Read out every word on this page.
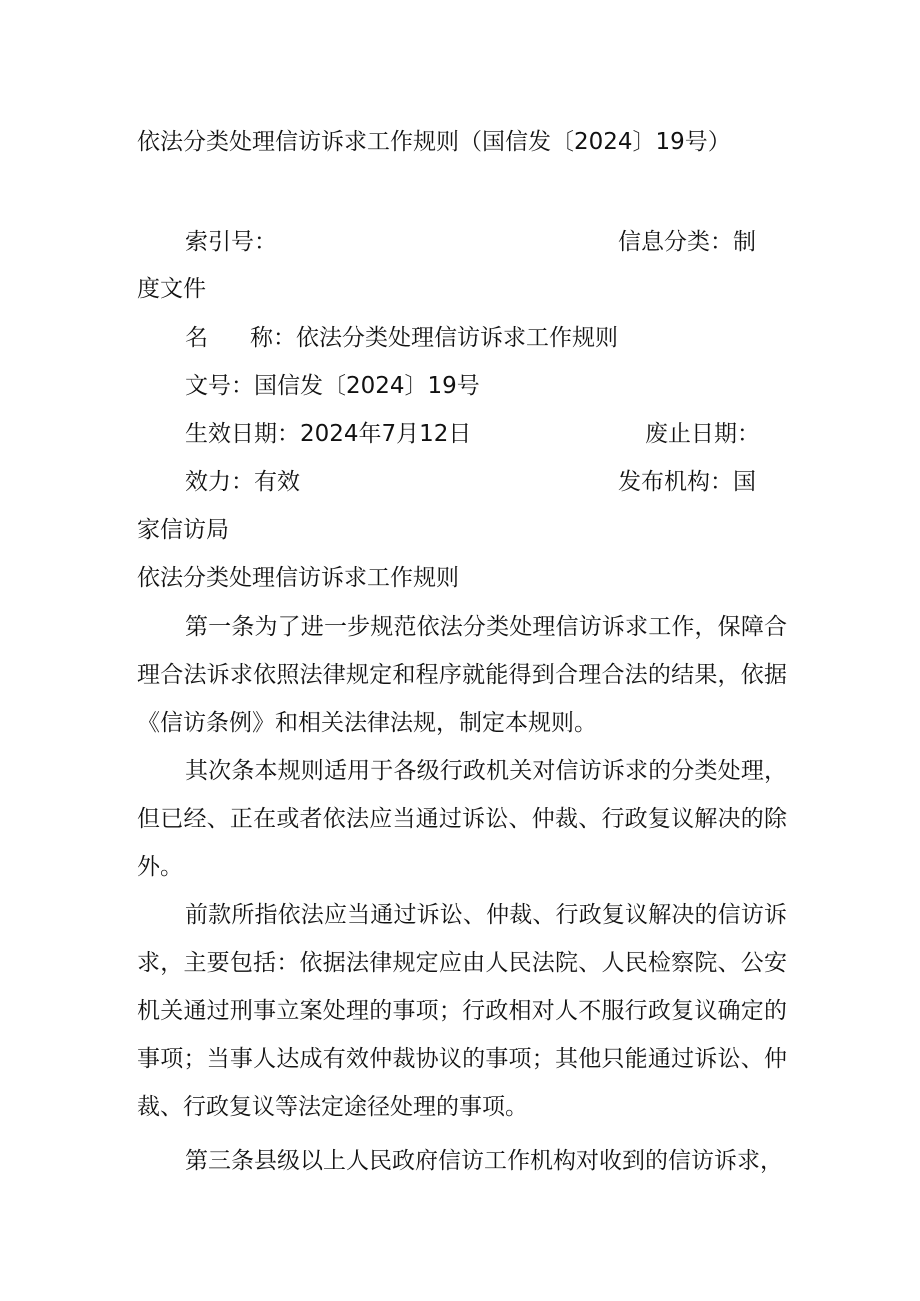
依法分类处理信访诉求工作规则（国信发〔2024〕19号）
索引号：	信息分类：制
度文件
名 称：依法分类处理信访诉求工作规则
文号：国信发〔2024〕19号
生效日期：2024年7月12日	废止日期：
效力：有效	发布机构：国
家信访局
依法分类处理信访诉求工作规则
第一条为了进一步规范依法分类处理信访诉求工作，保障合理合法诉求依照法律规定和程序就能得到合理合法的结果，依据《信访条例》和相关法律法规，制定本规则。
其次条本规则适用于各级行政机关对信访诉求的分类处理，但已经、正在或者依法应当通过诉讼、仲裁、行政复议解决的除外。
前款所指依法应当通过诉讼、仲裁、行政复议解决的信访诉求，主要包括：依据法律规定应由人民法院、人民检察院、公安机关通过刑事立案处理的事项；行政相对人不服行政复议确定的事项；当事人达成有效仲裁协议的事项；其他只能通过诉讼、仲裁、行政复议等法定途径处理的事项。
第三条县级以上人民政府信访工作机构对收到的信访诉求，
